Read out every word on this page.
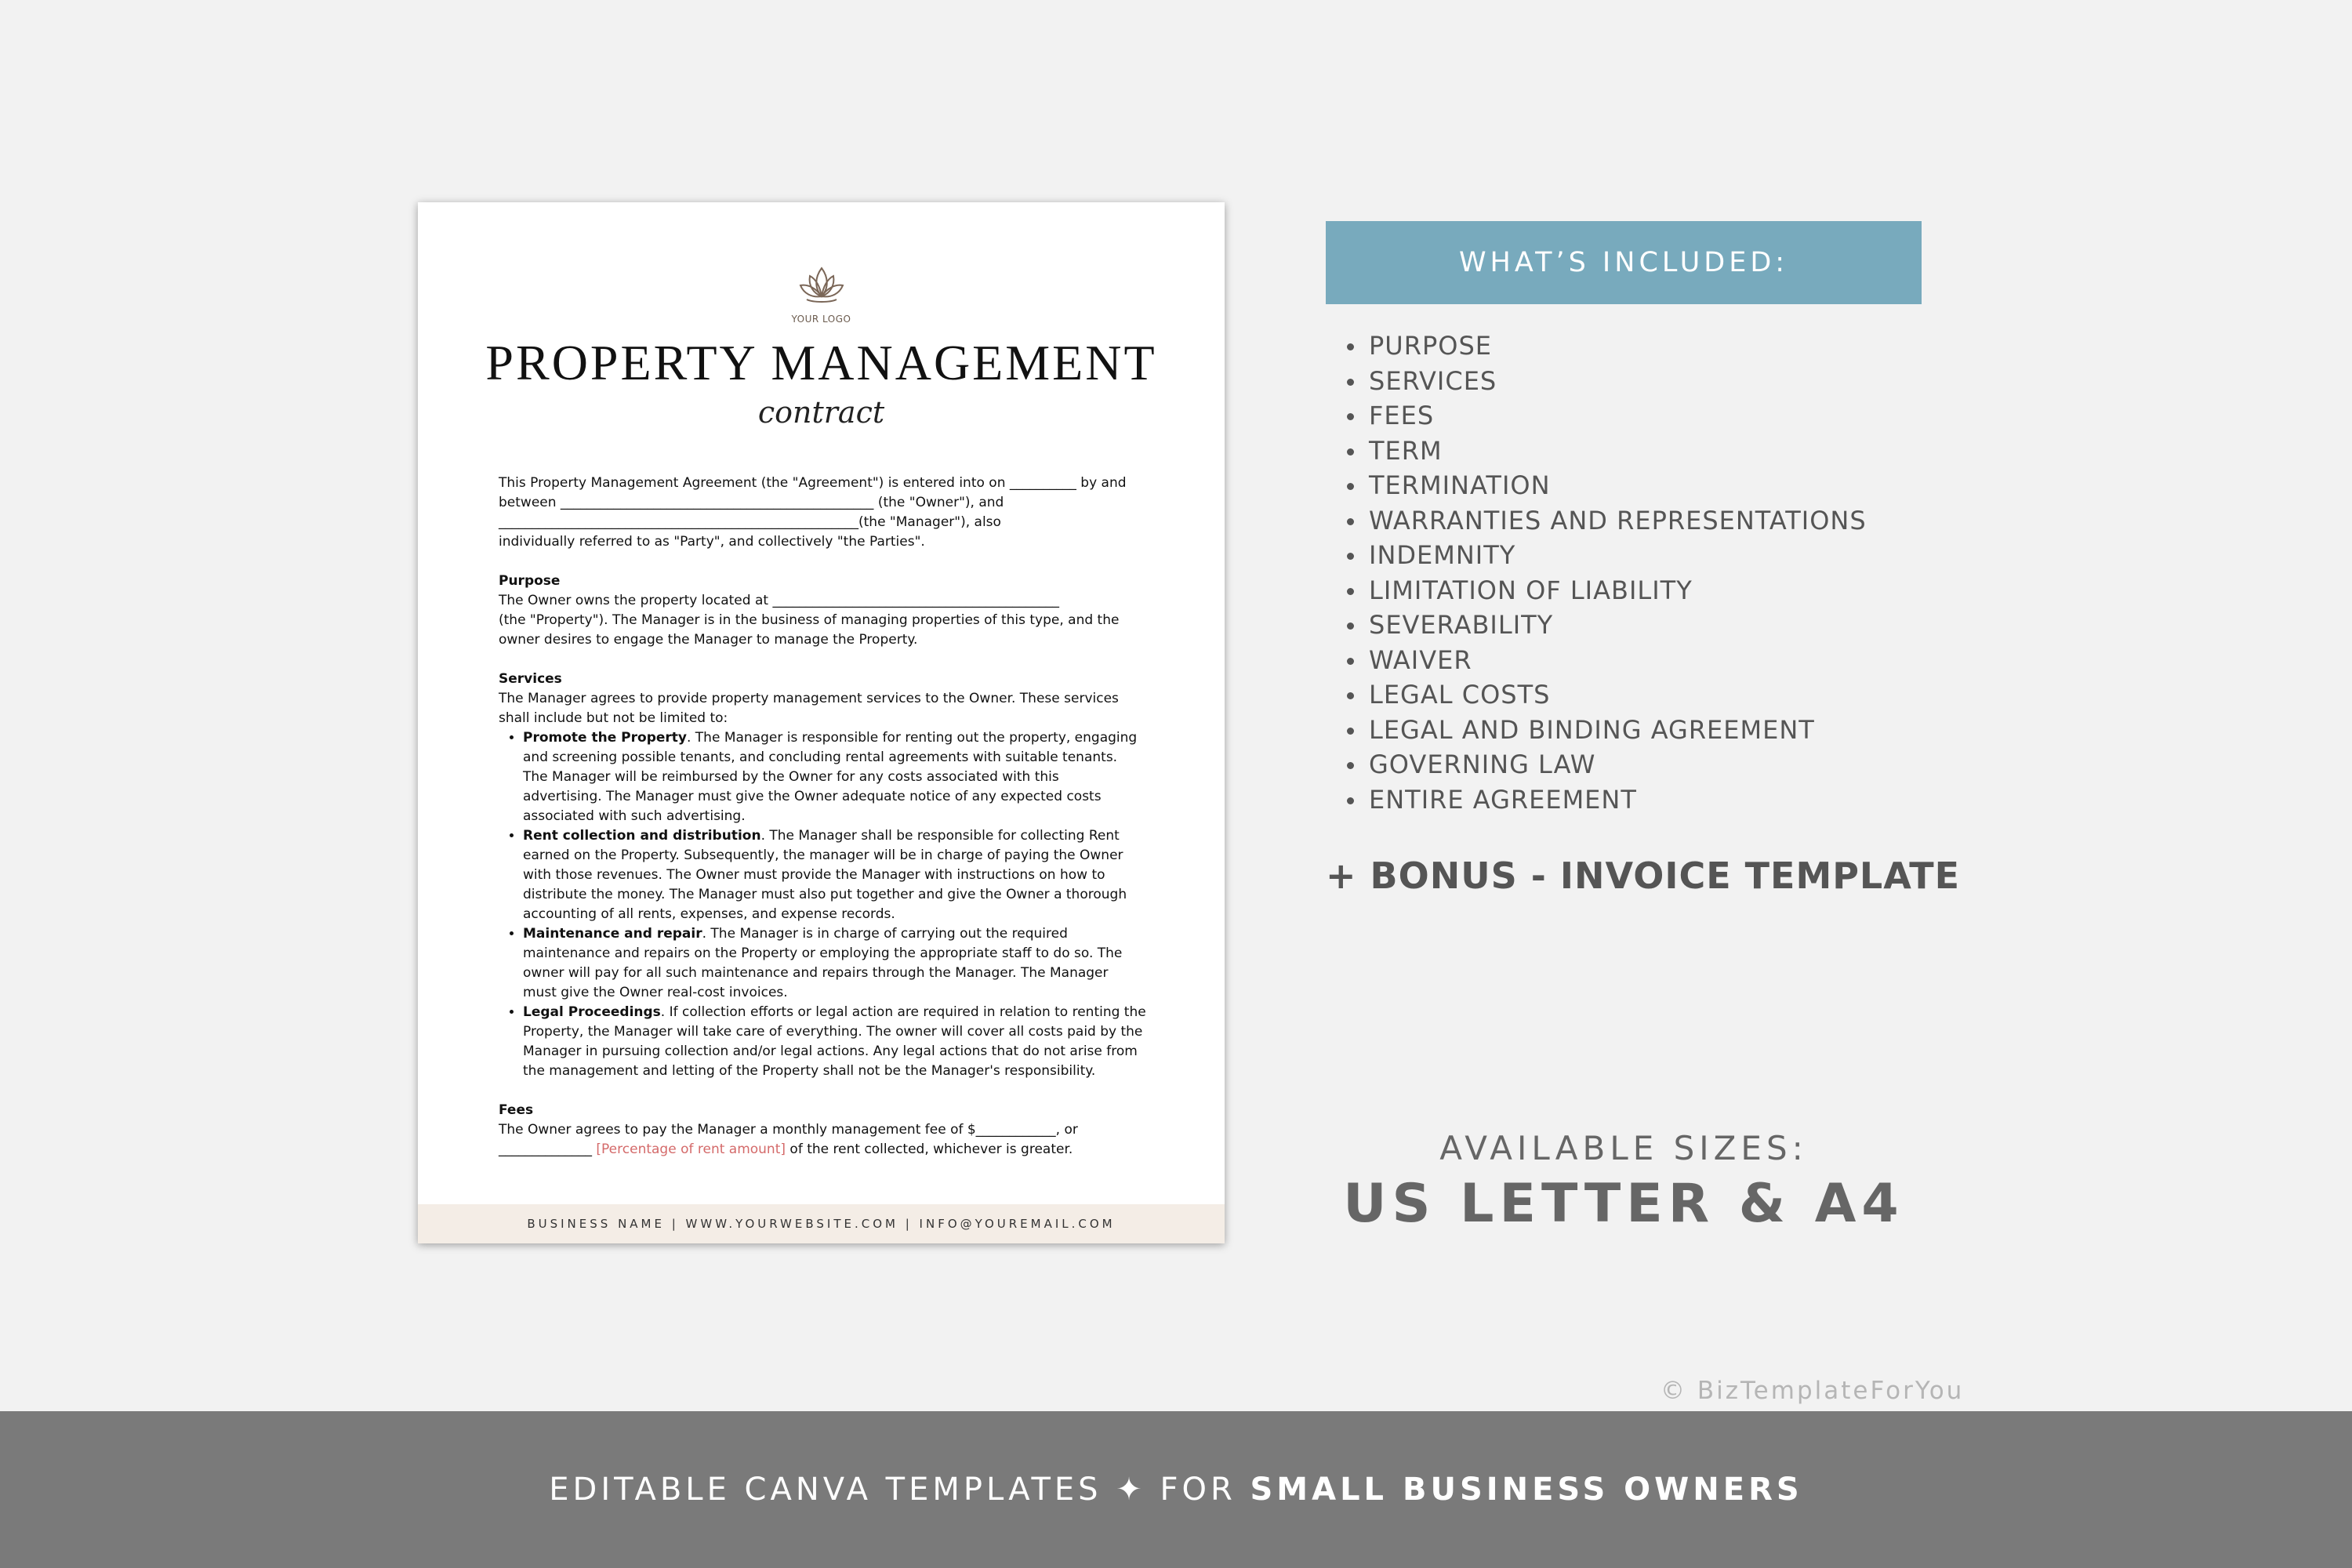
YOUR LOGO
PROPERTY MANAGEMENT
contract

This Property Management Agreement (the "Agreement") is entered into on __________ by and

between _______________________________________________ (the "Owner"), and

______________________________________________________(the "Manager"), also

individually referred to as "Party", and collectively "the Parties".

Purpose

The Owner owns the property located at ___________________________________________

(the "Property"). The Manager is in the business of managing properties of this type, and the

owner desires to engage the Manager to manage the Property.

Services

The Manager agrees to provide property management services to the Owner. These services

shall include but not be limited to:

• Promote the Property. The Manager is responsible for renting out the property, engaging
and screening possible tenants, and concluding rental agreements with suitable tenants.
The Manager will be reimbursed by the Owner for any costs associated with this
advertising. The Manager must give the Owner adequate notice of any expected costs
associated with such advertising.
• Rent collection and distribution. The Manager shall be responsible for collecting Rent
earned on the Property. Subsequently, the manager will be in charge of paying the Owner
with those revenues. The Owner must provide the Manager with instructions on how to
distribute the money. The Manager must also put together and give the Owner a thorough
accounting of all rents, expenses, and expense records.
• Maintenance and repair. The Manager is in charge of carrying out the required
maintenance and repairs on the Property or employing the appropriate staff to do so. The
owner will pay for all such maintenance and repairs through the Manager. The Manager
must give the Owner real-cost invoices.
• Legal Proceedings. If collection efforts or legal action are required in relation to renting the
Property, the Manager will take care of everything. The owner will cover all costs paid by the
Manager in pursuing collection and/or legal actions. Any legal actions that do not arise from
the management and letting of the Property shall not be the Manager's responsibility.

Fees

The Owner agrees to pay the Manager a monthly management fee of $____________, or

______________ [Percentage of rent amount] of the rent collected, whichever is greater.

BUSINESS NAME | WWW.YOURWEBSITE.COM | INFO@YOUREMAIL.COM
WHAT’S INCLUDED:
PURPOSE
SERVICES
FEES
TERM
TERMINATION
WARRANTIES AND REPRESENTATIONS
INDEMNITY
LIMITATION OF LIABILITY
SEVERABILITY
WAIVER
LEGAL COSTS
LEGAL AND BINDING AGREEMENT
GOVERNING LAW
ENTIRE AGREEMENT
+ BONUS - INVOICE TEMPLATE
AVAILABLE SIZES:
US LETTER & A4
© BizTemplateForYou
EDITABLE CANVA TEMPLATES ✦ FOR SMALL BUSINESS OWNERS
